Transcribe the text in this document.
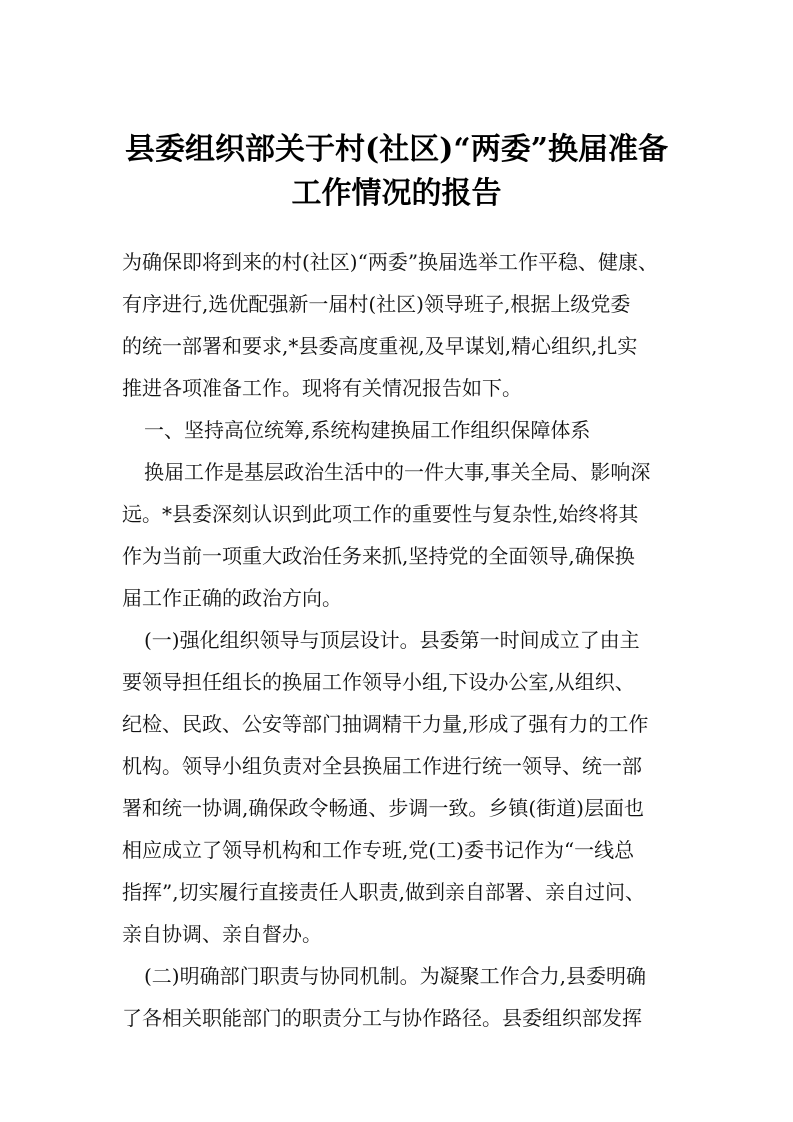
县委组织部关于村(社区)“两委”换届准备
工作情况的报告
为确保即将到来的村(社区)“两委”换届选举工作平稳、健康、
有序进行,选优配强新一届村(社区)领导班子,根据上级党委
的统一部署和要求,*县委高度重视,及早谋划,精心组织,扎实
推进各项准备工作。现将有关情况报告如下。
一、坚持高位统筹,系统构建换届工作组织保障体系
换届工作是基层政治生活中的一件大事,事关全局、影响深
远。*县委深刻认识到此项工作的重要性与复杂性,始终将其
作为当前一项重大政治任务来抓,坚持党的全面领导,确保换
届工作正确的政治方向。
(一)强化组织领导与顶层设计。县委第一时间成立了由主
要领导担任组长的换届工作领导小组,下设办公室,从组织、
纪检、民政、公安等部门抽调精干力量,形成了强有力的工作
机构。领导小组负责对全县换届工作进行统一领导、统一部
署和统一协调,确保政令畅通、步调一致。乡镇(街道)层面也
相应成立了领导机构和工作专班,党(工)委书记作为“一线总
指挥”,切实履行直接责任人职责,做到亲自部署、亲自过问、
亲自协调、亲自督办。
(二)明确部门职责与协同机制。为凝聚工作合力,县委明确
了各相关职能部门的职责分工与协作路径。县委组织部发挥
